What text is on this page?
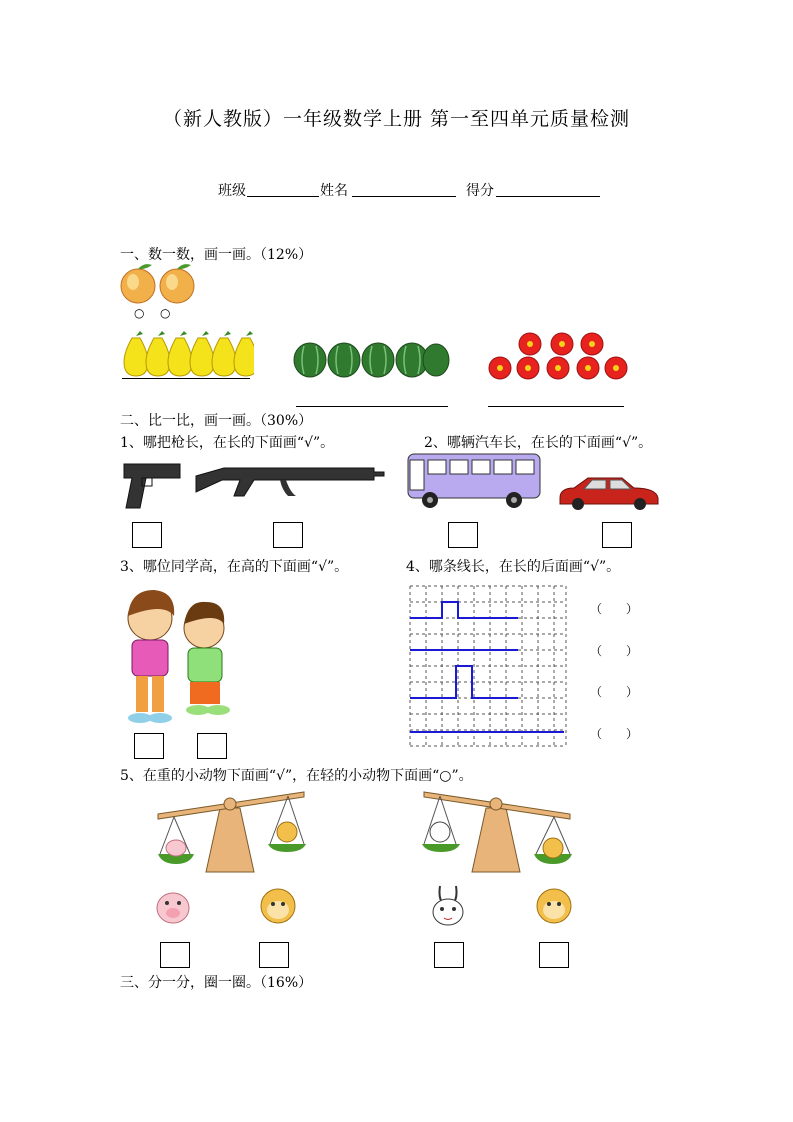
（新人教版）一年级数学上册 第一至四单元质量检测
班级	姓名	得分
一、数一数，画一画。（12%）
○ ○
二、比一比，画一画。（30%）
1、哪把枪长，在长的下面画“√”。	2、哪辆汽车长，在长的下面画“√”。
3、哪位同学高，在高的下面画“√”。	4、哪条线长，在长的后面画“√”。
（　　）
（　　）
（　　）
（　　）
5、在重的小动物下面画“√”，在轻的小动物下面画“○”。
三、分一分，圈一圈。（16%）
